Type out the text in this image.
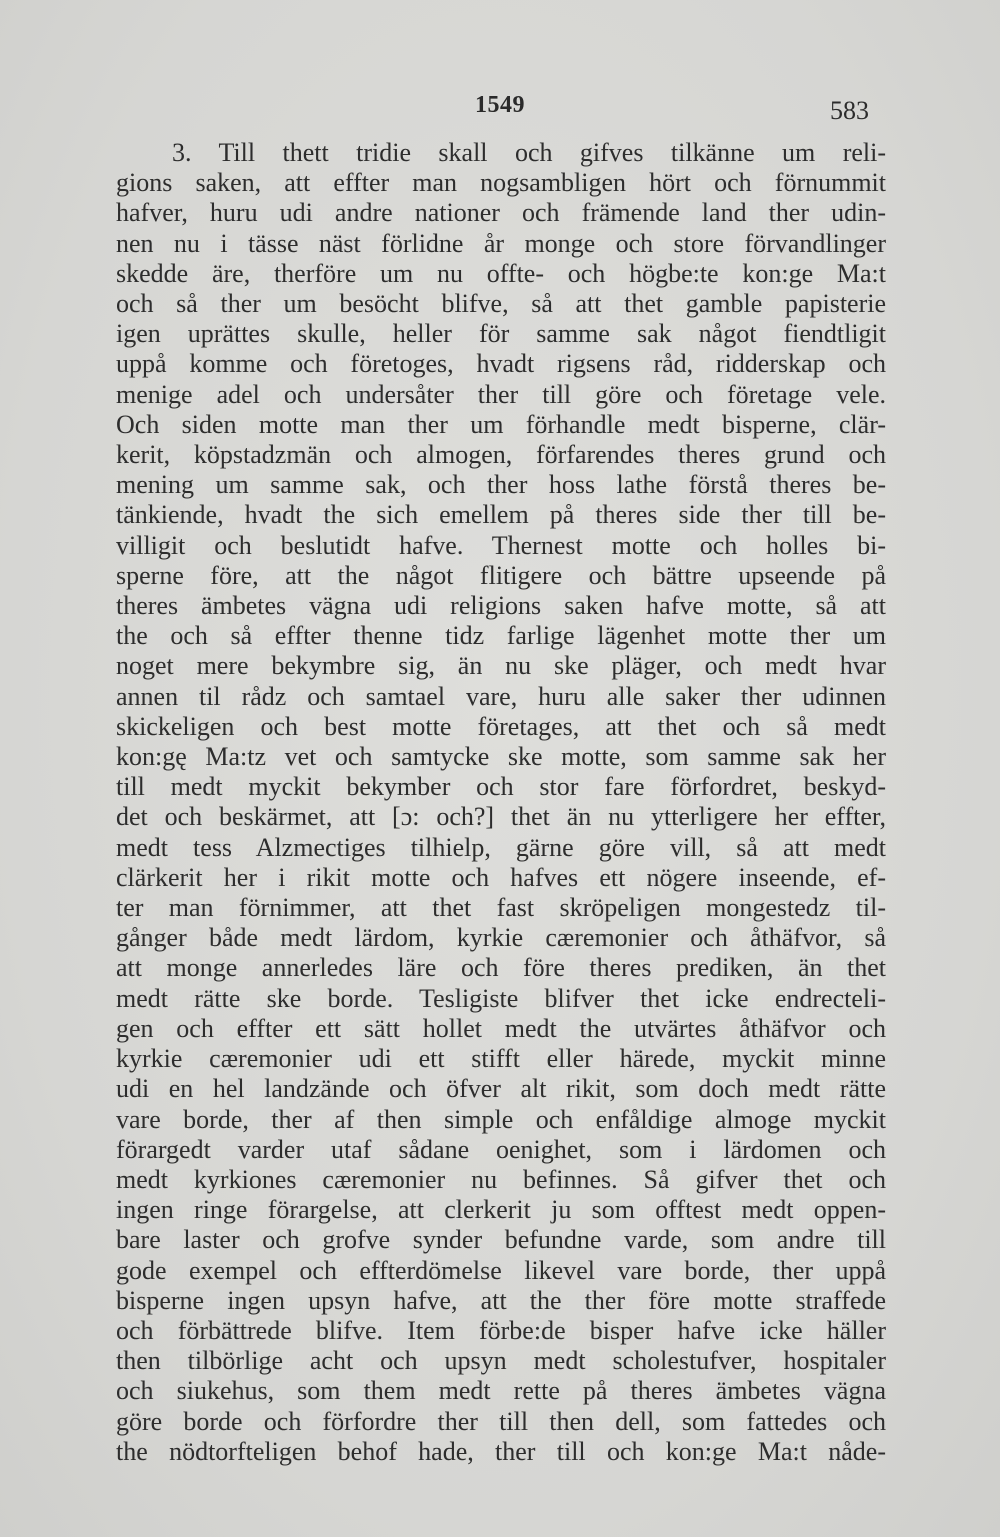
1549	583
3. Till thett tridie skall och gifves tilkänne um reli-
gions saken, att effter man nogsambligen hört och förnummit
hafver, huru udi andre nationer och främende land ther udin-
nen nu i tässe näst förlidne år monge och store förvandlinger
skedde äre, therföre um nu offte- och högbe:te kon:ge Ma:t
och så ther um besöcht blifve, så att thet gamble papisterie
igen uprättes skulle, heller för samme sak något fiendtligit
uppå komme och företoges, hvadt rigsens råd, ridderskap och
menige adel och undersåter ther till göre och företage vele.
Och siden motte man ther um förhandle medt bisperne, clär-
kerit, köpstadzmän och almogen, förfarendes theres grund och
mening um samme sak, och ther hoss lathe förstå theres be-
tänkiende, hvadt the sich emellem på theres side ther till be-
villigit och beslutidt hafve. Thernest motte och holles bi-
sperne före, att the något flitigere och bättre upseende på
theres ämbetes vägna udi religions saken hafve motte, så att
the och så effter thenne tidz farlige lägenhet motte ther um
noget mere bekymbre sig, än nu ske pläger, och medt hvar
annen til rådz och samtael vare, huru alle saker ther udinnen
skickeligen och best motte företages, att thet och så medt
kon:gę Ma:tz vet och samtycke ske motte, som samme sak her
till medt myckit bekymber och stor fare förfordret, beskyd-
det och beskärmet, att [ɔ: och?] thet än nu ytterligere her effter,
medt tess Alzmectiges tilhielp, gärne göre vill, så att medt
clärkerit her i rikit motte och hafves ett nögere inseende, ef-
ter man förnimmer, att thet fast skröpeligen mongestedz til-
gånger både medt lärdom, kyrkie cæremonier och åthäfvor, så
att monge annerledes läre och före theres prediken, än thet
medt rätte ske borde. Tesligiste blifver thet icke endrecteli-
gen och effter ett sätt hollet medt the utvärtes åthäfvor och
kyrkie cæremonier udi ett stifft eller härede, myckit minne
udi en hel landzände och öfver alt rikit, som doch medt rätte
vare borde, ther af then simple och enfåldige almoge myckit
förargedt varder utaf sådane oenighet, som i lärdomen och
medt kyrkiones cæremonier nu befinnes. Så gifver thet och
ingen ringe förargelse, att clerkerit ju som offtest medt oppen-
bare laster och grofve synder befundne varde, som andre till
gode exempel och effterdömelse likevel vare borde, ther uppå
bisperne ingen upsyn hafve, att the ther före motte straffede
och förbättrede blifve. Item förbe:de bisper hafve icke häller
then tilbörlige acht och upsyn medt scholestufver, hospitaler
och siukehus, som them medt rette på theres ämbetes vägna
göre borde och förfordre ther till then dell, som fattedes och
the nödtorfteligen behof hade, ther till och kon:ge Ma:t nåde-
